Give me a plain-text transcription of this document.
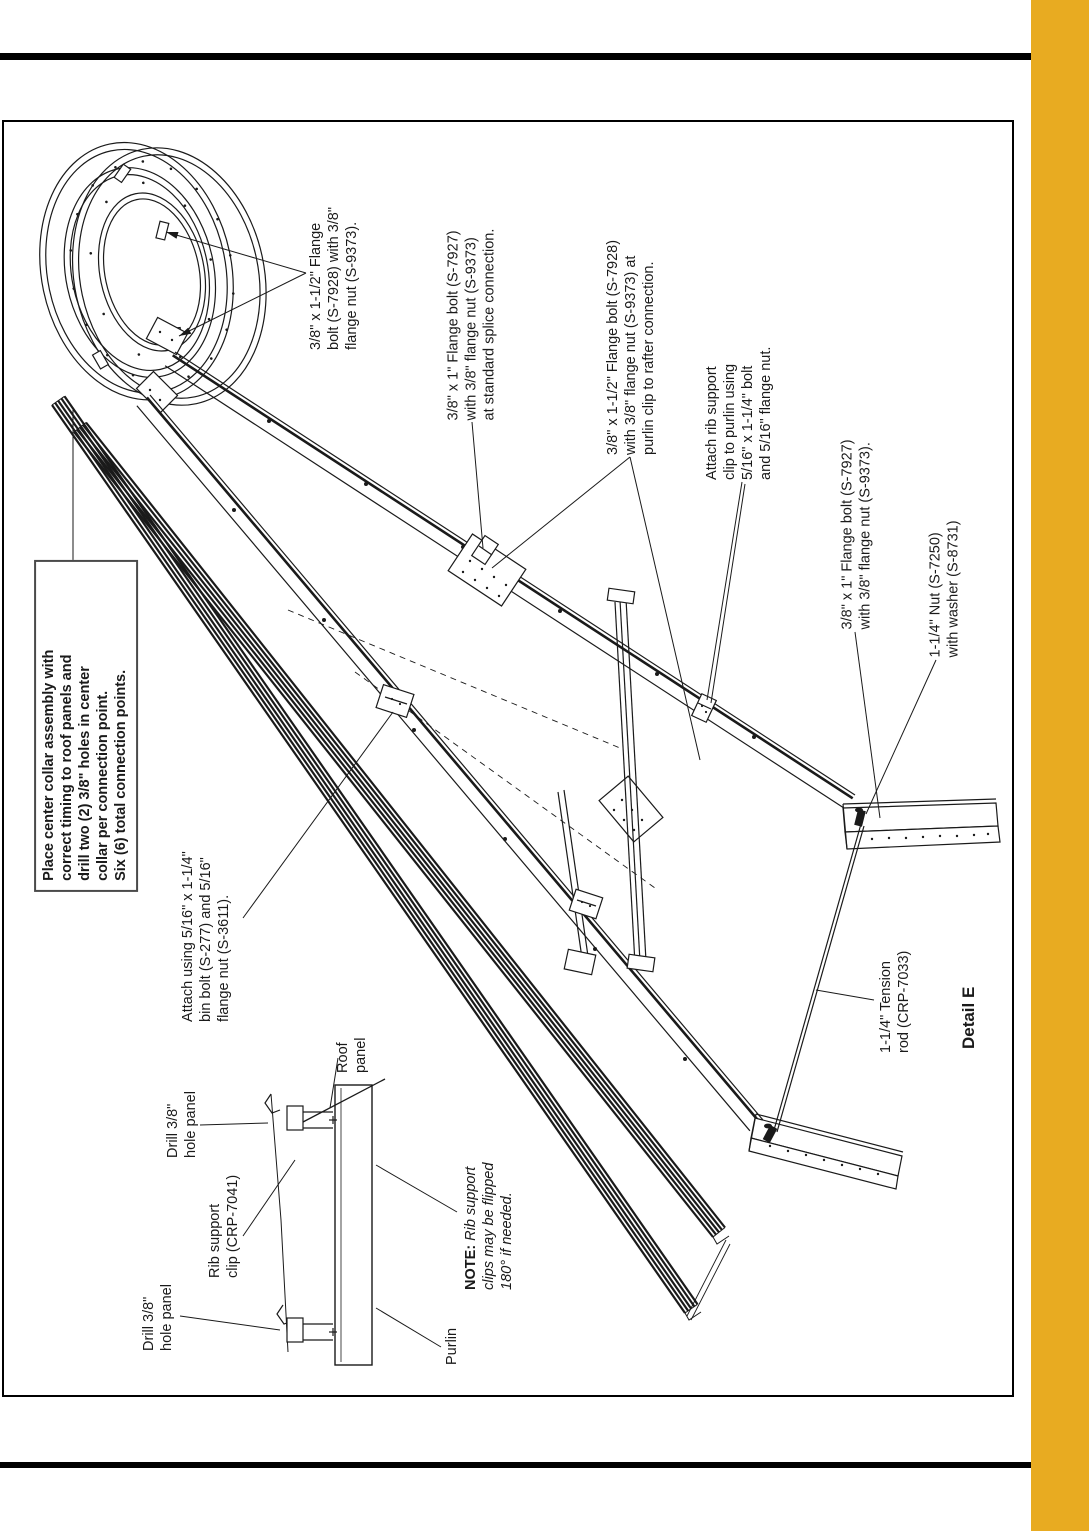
Place center collar assembly with
correct timing to roof panels and
drill two (2) 3/8" holes in center
collar per connection point.
Six (6) total connection points.
3/8" x 1-1/2" Flange
bolt (S-7928) with 3/8"
flange nut (S-9373).
3/8" x 1" Flange bolt (S-7927)
with 3/8" flange nut (S-9373)
at standard splice connection.
3/8" x 1-1/2" Flange bolt (S-7928)
with 3/8" flange nut (S-9373) at
purlin clip to rafter connection.
Attach rib support
clip to purlin using
5/16" x 1-1/4" bolt
and 5/16" flange nut.
3/8" x 1" Flange bolt (S-7927)
with 3/8" flange nut (S-9373).
1-1/4" Nut (S-7250)
with washer (S-8731)
Attach using 5/16" x 1-1/4"
bin bolt (S-277) and 5/16"
flange nut (S-3611).
Roof
panel
Drill 3/8"
hole panel
Rib support
clip (CRP-7041)
Drill 3/8"
hole panel
NOTE: Rib support
clips may be flipped
180° if needed.
Purlin
1-1/4" Tension
rod (CRP-7033)	Detail E
